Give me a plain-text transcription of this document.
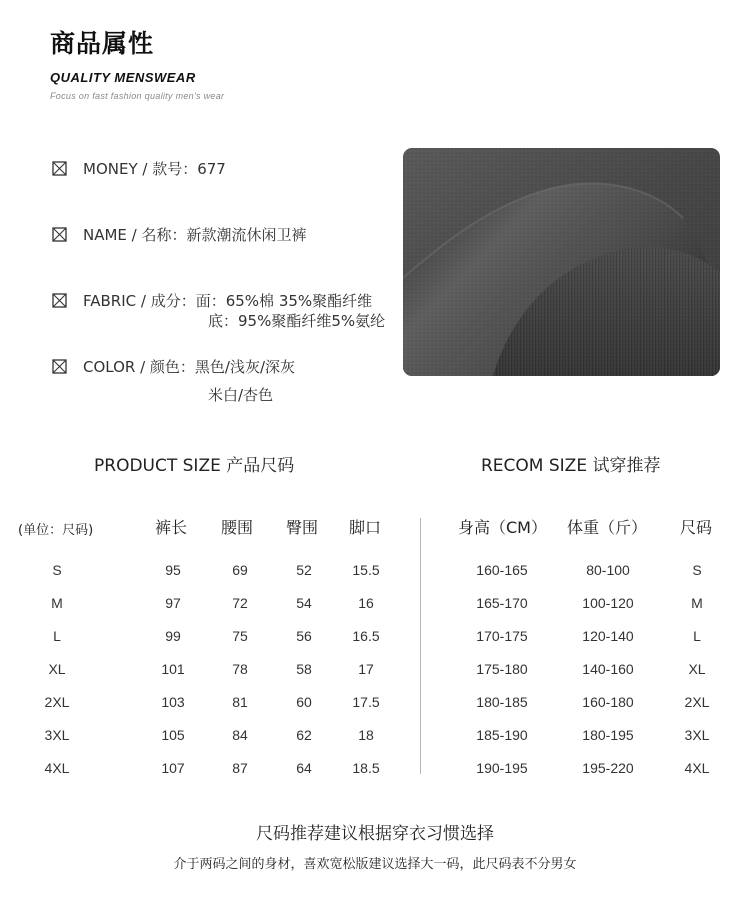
商品属性
QUALITY MENSWEAR
Focus on fast fashion quality men's wear
MONEY / 款号：677
NAME / 名称：新款潮流休闲卫裤
FABRIC / 成分：面：65%棉 35%聚酯纤维
底：95%聚酯纤维5%氨纶
COLOR / 颜色：黑色/浅灰/深灰
米白/杏色
PRODUCT SIZE 产品尺码	RECOM SIZE 试穿推荐
(单位：尺码)	裤长 腰围 臀围 脚口	身高（CM） 体重（斤） 尺码
S	95	69	52	15.5
M	97	72	54	16
L	99	75	56	16.5
XL	101	78	58	17
2XL	103	81	60	17.5
3XL	105	84	62	18
4XL	107	87	64	18.5
160-165	80-100	S
165-170	100-120	M
170-175	120-140	L
175-180	140-160	XL
180-185	160-180	2XL
185-190	180-195	3XL
190-195	195-220	4XL
尺码推荐建议根据穿衣习惯选择
介于两码之间的身材，喜欢宽松版建议选择大一码，此尺码表不分男女
